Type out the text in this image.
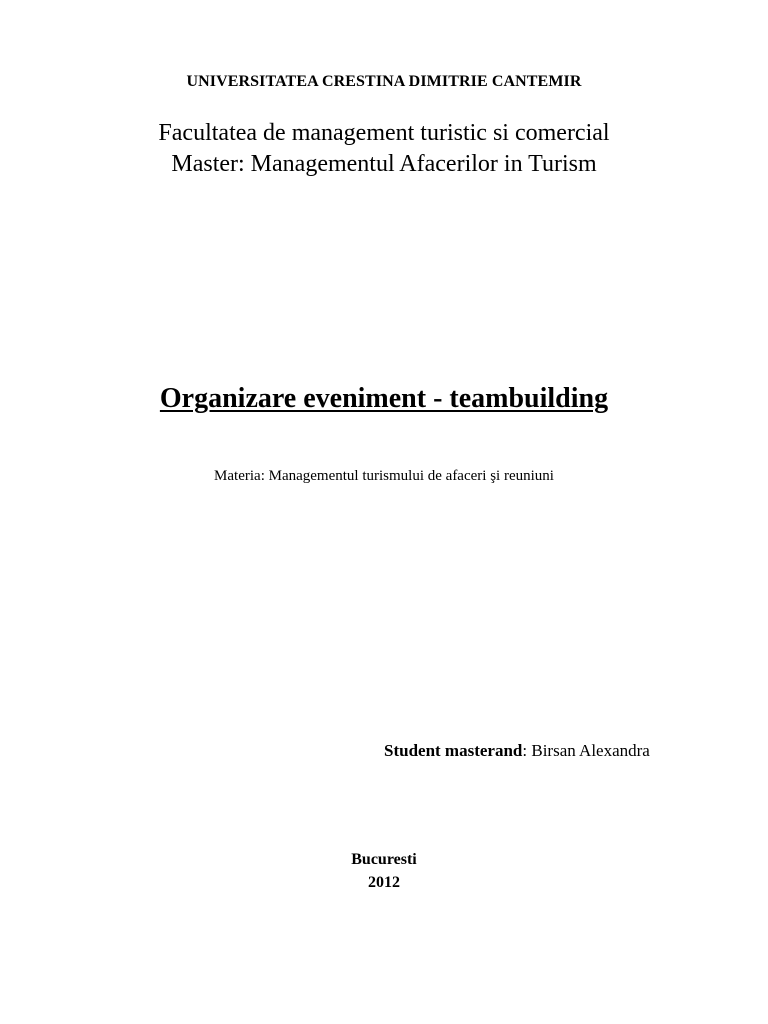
UNIVERSITATEA CRESTINA DIMITRIE CANTEMIR
Facultatea de management turistic si comercial
Master: Managementul Afacerilor in Turism
Organizare eveniment - teambuilding
Materia: Managementul turismului de afaceri şi reuniuni
Student masterand: Birsan Alexandra
Bucuresti
2012
